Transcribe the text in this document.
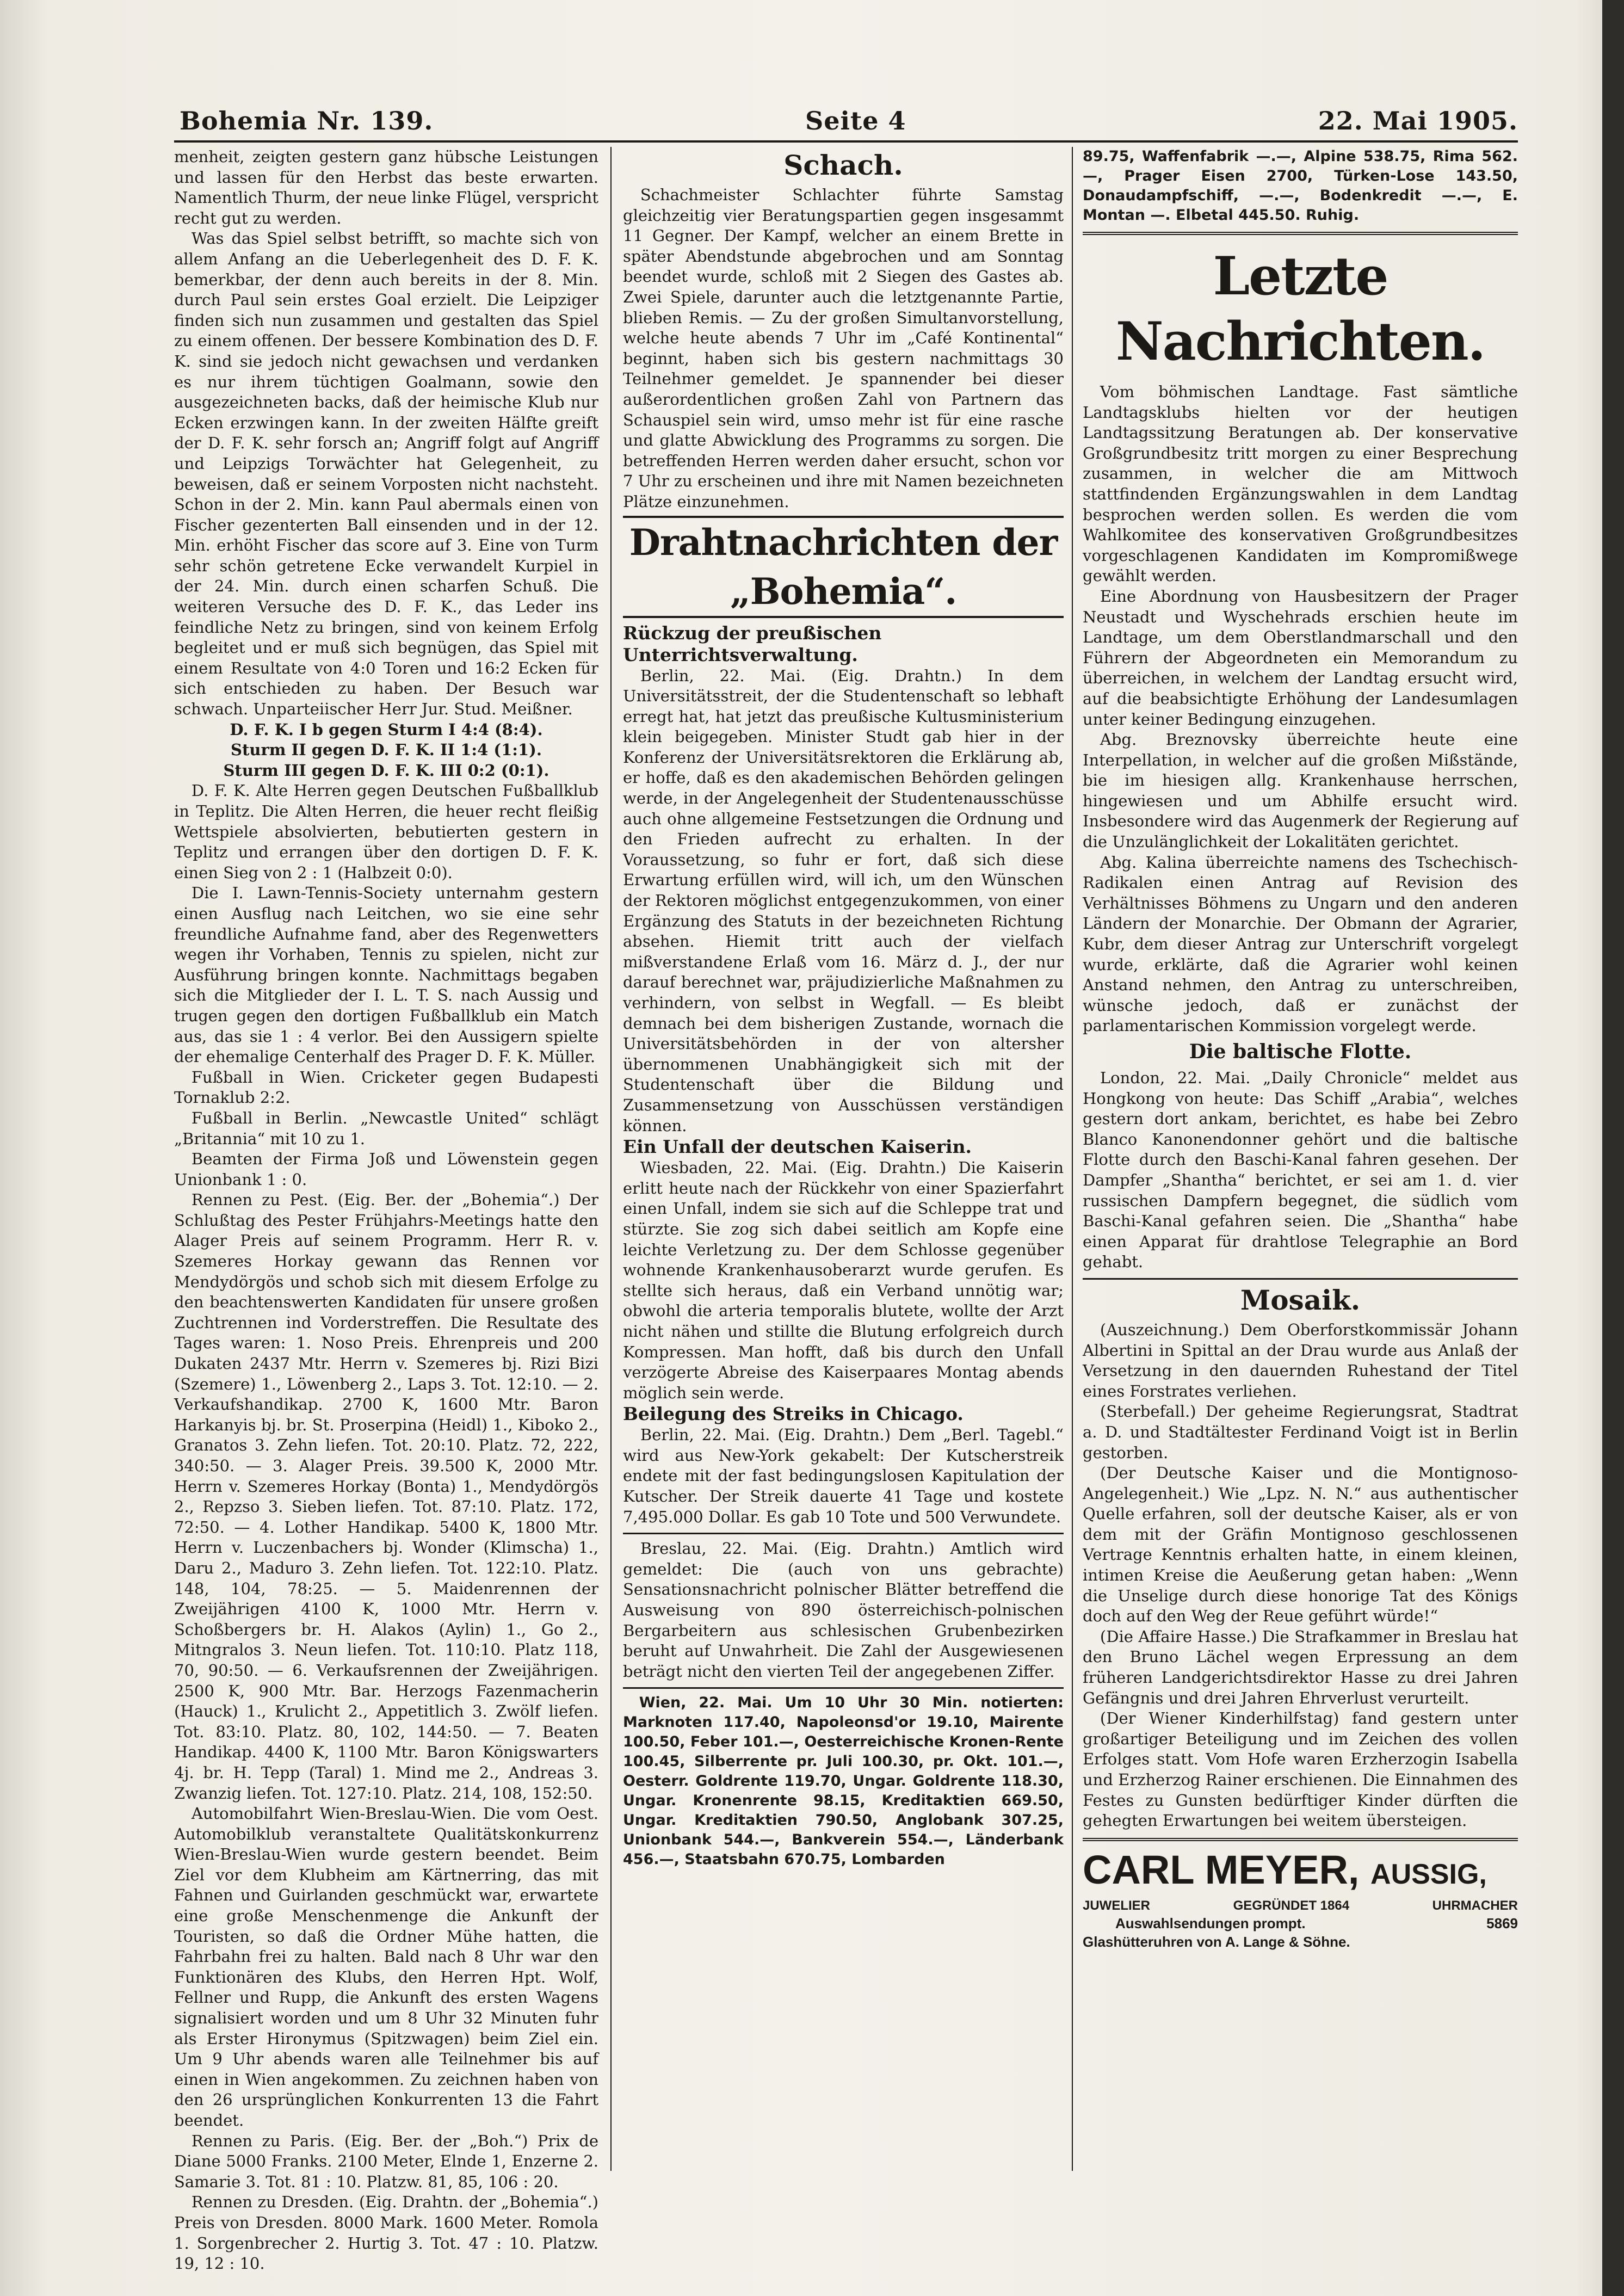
Bohemia Nr. 139.	Seite 4	22. Mai 1905.

menheit, zeigten gestern ganz hübsche Leistungen und lassen für den Herbst das beste erwarten. Namentlich Thurm, der neue linke Flügel, verspricht recht gut zu werden.

Was das Spiel selbst betrifft, so machte sich von allem Anfang an die Ueberlegenheit des D. F. K. bemerkbar, der denn auch bereits in der 8. Min. durch Paul sein erstes Goal erzielt. Die Leipziger finden sich nun zusammen und gestalten das Spiel zu einem offenen. Der bessere Kombination des D. F. K. sind sie jedoch nicht gewachsen und verdanken es nur ihrem tüchtigen Goalmann, sowie den ausgezeichneten backs, daß der heimische Klub nur Ecken erzwingen kann. In der zweiten Hälfte greift der D. F. K. sehr forsch an; Angriff folgt auf Angriff und Leipzigs Torwächter hat Gelegenheit, zu beweisen, daß er seinem Vorposten nicht nachsteht. Schon in der 2. Min. kann Paul abermals einen von Fischer gezenterten Ball einsenden und in der 12. Min. erhöht Fischer das score auf 3. Eine von Turm sehr schön getretene Ecke verwandelt Kurpiel in der 24. Min. durch einen scharfen Schuß. Die weiteren Versuche des D. F. K., das Leder ins feindliche Netz zu bringen, sind von keinem Erfolg begleitet und er muß sich begnügen, das Spiel mit einem Resultate von 4:0 Toren und 16:2 Ecken für sich entschieden zu haben. Der Besuch war schwach. Unparteiischer Herr Jur. Stud. Meißner.

D. F. K. I b gegen Sturm I 4:4 (8:4).

Sturm II gegen D. F. K. II 1:4 (1:1).

Sturm III gegen D. F. K. III 0:2 (0:1).

D. F. K. Alte Herren gegen Deutschen Fußballklub in Teplitz. Die Alten Herren, die heuer recht fleißig Wettspiele absolvierten, bebutierten gestern in Teplitz und errangen über den dortigen D. F. K. einen Sieg von 2 : 1 (Halbzeit 0:0).

Die I. Lawn-Tennis-Society unternahm gestern einen Ausflug nach Leitchen, wo sie eine sehr freundliche Aufnahme fand, aber des Regenwetters wegen ihr Vorhaben, Tennis zu spielen, nicht zur Ausführung bringen konnte. Nachmittags begaben sich die Mitglieder der I. L. T. S. nach Aussig und trugen gegen den dortigen Fußballklub ein Match aus, das sie 1 : 4 verlor. Bei den Aussigern spielte der ehemalige Centerhalf des Prager D. F. K. Müller.

Fußball in Wien. Cricketer gegen Budapesti Tornaklub 2:2.

Fußball in Berlin. „Newcastle United“ schlägt „Britannia“ mit 10 zu 1.

Beamten der Firma Joß und Löwenstein gegen Unionbank 1 : 0.

Rennen zu Pest. (Eig. Ber. der „Bohemia“.) Der Schlußtag des Pester Frühjahrs-Meetings hatte den Alager Preis auf seinem Programm. Herr R. v. Szemeres Horkay gewann das Rennen vor Mendydörgös und schob sich mit diesem Erfolge zu den beachtenswerten Kandidaten für unsere großen Zuchtrennen ind Vorderstreffen. Die Resultate des Tages waren: 1. Noso Preis. Ehrenpreis und 200 Dukaten 2437 Mtr. Herrn v. Szemeres bj. Rizi Bizi (Szemere) 1., Löwenberg 2., Laps 3. Tot. 12:10. — 2. Verkaufshandikap. 2700 K, 1600 Mtr. Baron Harkanyis bj. br. St. Proserpina (Heidl) 1., Kiboko 2., Granatos 3. Zehn liefen. Tot. 20:10. Platz. 72, 222, 340:50. — 3. Alager Preis. 39.500 K, 2000 Mtr. Herrn v. Szemeres Horkay (Bonta) 1., Mendydörgös 2., Repzso 3. Sieben liefen. Tot. 87:10. Platz. 172, 72:50. — 4. Lother Handikap. 5400 K, 1800 Mtr. Herrn v. Luczenbachers bj. Wonder (Klimscha) 1., Daru 2., Maduro 3. Zehn liefen. Tot. 122:10. Platz. 148, 104, 78:25. — 5. Maidenrennen der Zweijährigen 4100 K, 1000 Mtr. Herrn v. Schoßbergers br. H. Alakos (Aylin) 1., Go 2., Mitngralos 3. Neun liefen. Tot. 110:10. Platz 118, 70, 90:50. — 6. Verkaufsrennen der Zweijährigen. 2500 K, 900 Mtr. Bar. Herzogs Fazenmacherin (Hauck) 1., Krulicht 2., Appetitlich 3. Zwölf liefen. Tot. 83:10. Platz. 80, 102, 144:50. — 7. Beaten Handikap. 4400 K, 1100 Mtr. Baron Königswarters 4j. br. H. Tepp (Taral) 1. Mind me 2., Andreas 3. Zwanzig liefen. Tot. 127:10. Platz. 214, 108, 152:50.

Automobilfahrt Wien-Breslau-Wien. Die vom Oest. Automobilklub veranstaltete Qualitätskonkurrenz Wien-Breslau-Wien wurde gestern beendet. Beim Ziel vor dem Klubheim am Kärtnerring, das mit Fahnen und Guirlanden geschmückt war, erwartete eine große Menschenmenge die Ankunft der Touristen, so daß die Ordner Mühe hatten, die Fahrbahn frei zu halten. Bald nach 8 Uhr war den Funktionären des Klubs, den Herren Hpt. Wolf, Fellner und Rupp, die Ankunft des ersten Wagens signalisiert worden und um 8 Uhr 32 Minuten fuhr als Erster Hironymus (Spitzwagen) beim Ziel ein. Um 9 Uhr abends waren alle Teilnehmer bis auf einen in Wien angekommen. Zu zeichnen haben von den 26 ursprünglichen Konkurrenten 13 die Fahrt beendet.

Rennen zu Paris. (Eig. Ber. der „Boh.“) Prix de Diane 5000 Franks. 2100 Meter, Elnde 1, Enzerne 2. Samarie 3. Tot. 81 : 10. Platzw. 81, 85, 106 : 20.

Rennen zu Dresden. (Eig. Drahtn. der „Bohemia“.) Preis von Dresden. 8000 Mark. 1600 Meter. Romola 1. Sorgenbrecher 2. Hurtig 3. Tot. 47 : 10. Platzw. 19, 12 : 10.

Schach.

Schachmeister Schlachter führte Samstag gleichzeitig vier Beratungspartien gegen insgesammt 11 Gegner. Der Kampf, welcher an einem Brette in später Abendstunde abgebrochen und am Sonntag beendet wurde, schloß mit 2 Siegen des Gastes ab. Zwei Spiele, darunter auch die letztgenannte Partie, blieben Remis. — Zu der großen Simultanvorstellung, welche heute abends 7 Uhr im „Café Kontinental“ beginnt, haben sich bis gestern nachmittags 30 Teilnehmer gemeldet. Je spannender bei dieser außerordentlichen großen Zahl von Partnern das Schauspiel sein wird, umso mehr ist für eine rasche und glatte Abwicklung des Programms zu sorgen. Die betreffenden Herren werden daher ersucht, schon vor 7 Uhr zu erscheinen und ihre mit Namen bezeichneten Plätze einzunehmen.

Drahtnachrichten der „Bohemia“.

Rückzug der preußischen Unterrichtsverwaltung.

Berlin, 22. Mai. (Eig. Drahtn.) In dem Universitätsstreit, der die Studentenschaft so lebhaft erregt hat, hat jetzt das preußische Kultusministerium klein beigegeben. Minister Studt gab hier in der Konferenz der Universitätsrektoren die Erklärung ab, er hoffe, daß es den akademischen Behörden gelingen werde, in der Angelegenheit der Studentenausschüsse auch ohne allgemeine Festsetzungen die Ordnung und den Frieden aufrecht zu erhalten. In der Voraussetzung, so fuhr er fort, daß sich diese Erwartung erfüllen wird, will ich, um den Wünschen der Rektoren möglichst entgegenzukommen, von einer Ergänzung des Statuts in der bezeichneten Richtung absehen. Hiemit tritt auch der vielfach mißverstandene Erlaß vom 16. März d. J., der nur darauf berechnet war, präjudizierliche Maßnahmen zu verhindern, von selbst in Wegfall. — Es bleibt demnach bei dem bisherigen Zustande, wornach die Universitätsbehörden in der von altersher übernommenen Unabhängigkeit sich mit der Studentenschaft über die Bildung und Zusammensetzung von Ausschüssen verständigen können.

Ein Unfall der deutschen Kaiserin.

Wiesbaden, 22. Mai. (Eig. Drahtn.) Die Kaiserin erlitt heute nach der Rückkehr von einer Spazierfahrt einen Unfall, indem sie sich auf die Schleppe trat und stürzte. Sie zog sich dabei seitlich am Kopfe eine leichte Verletzung zu. Der dem Schlosse gegenüber wohnende Krankenhausoberarzt wurde gerufen. Es stellte sich heraus, daß ein Verband unnötig war; obwohl die arteria temporalis blutete, wollte der Arzt nicht nähen und stillte die Blutung erfolgreich durch Kompressen. Man hofft, daß bis durch den Unfall verzögerte Abreise des Kaiserpaares Montag abends möglich sein werde.

Beilegung des Streiks in Chicago.

Berlin, 22. Mai. (Eig. Drahtn.) Dem „Berl. Tagebl.“ wird aus New-York gekabelt: Der Kutscherstreik endete mit der fast bedingungslosen Kapitulation der Kutscher. Der Streik dauerte 41 Tage und kostete 7,495.000 Dollar. Es gab 10 Tote und 500 Verwundete.

Breslau, 22. Mai. (Eig. Drahtn.) Amtlich wird gemeldet: Die (auch von uns gebrachte) Sensationsnachricht polnischer Blätter betreffend die Ausweisung von 890 österreichisch-polnischen Bergarbeitern aus schlesischen Grubenbezirken beruht auf Unwahrheit. Die Zahl der Ausgewiesenen beträgt nicht den vierten Teil der angegebenen Ziffer.

Wien, 22. Mai. Um 10 Uhr 30 Min. notierten: Marknoten 117.40, Napoleonsd'or 19.10, Mairente 100.50, Feber 101.—, Oesterreichische Kronen-Rente 100.45, Silberrente pr. Juli 100.30, pr. Okt. 101.—, Oesterr. Goldrente 119.70, Ungar. Goldrente 118.30, Ungar. Kronenrente 98.15, Kreditaktien 669.50, Ungar. Kreditaktien 790.50, Anglobank 307.25, Unionbank 544.—, Bankverein 554.—, Länderbank 456.—, Staatsbahn 670.75, Lombarden

89.75, Waffenfabrik —.—, Alpine 538.75, Rima 562.—, Prager Eisen 2700, Türken-Lose 143.50, Donaudampfschiff, —.—, Bodenkredit —.—, E. Montan —. Elbetal 445.50. Ruhig.

Letzte Nachrichten.

Vom böhmischen Landtage. Fast sämtliche Landtagsklubs hielten vor der heutigen Landtagssitzung Beratungen ab. Der konservative Großgrundbesitz tritt morgen zu einer Besprechung zusammen, in welcher die am Mittwoch stattfindenden Ergänzungswahlen in dem Landtag besprochen werden sollen. Es werden die vom Wahlkomitee des konservativen Großgrundbesitzes vorgeschlagenen Kandidaten im Kompromißwege gewählt werden.

Eine Abordnung von Hausbesitzern der Prager Neustadt und Wyschehrads erschien heute im Landtage, um dem Oberstlandmarschall und den Führern der Abgeordneten ein Memorandum zu überreichen, in welchem der Landtag ersucht wird, auf die beabsichtigte Erhöhung der Landesumlagen unter keiner Bedingung einzugehen.

Abg. Breznovsky überreichte heute eine Interpellation, in welcher auf die großen Mißstände, bie im hiesigen allg. Krankenhause herrschen, hingewiesen und um Abhilfe ersucht wird. Insbesondere wird das Augenmerk der Regierung auf die Unzulänglichkeit der Lokalitäten gerichtet.

Abg. Kalina überreichte namens des Tschechisch-Radikalen einen Antrag auf Revision des Verhältnisses Böhmens zu Ungarn und den anderen Ländern der Monarchie. Der Obmann der Agrarier, Kubr, dem dieser Antrag zur Unterschrift vorgelegt wurde, erklärte, daß die Agrarier wohl keinen Anstand nehmen, den Antrag zu unterschreiben, wünsche jedoch, daß er zunächst der parlamentarischen Kommission vorgelegt werde.

Die baltische Flotte.

London, 22. Mai. „Daily Chronicle“ meldet aus Hongkong von heute: Das Schiff „Arabia“, welches gestern dort ankam, berichtet, es habe bei Zebro Blanco Kanonendonner gehört und die baltische Flotte durch den Baschi-Kanal fahren gesehen. Der Dampfer „Shantha“ berichtet, er sei am 1. d. vier russischen Dampfern begegnet, die südlich vom Baschi-Kanal gefahren seien. Die „Shantha“ habe einen Apparat für drahtlose Telegraphie an Bord gehabt.

Mosaik.

(Auszeichnung.) Dem Oberforstkommissär Johann Albertini in Spittal an der Drau wurde aus Anlaß der Versetzung in den dauernden Ruhestand der Titel eines Forstrates verliehen.

(Sterbefall.) Der geheime Regierungsrat, Stadtrat a. D. und Stadtältester Ferdinand Voigt ist in Berlin gestorben.

(Der Deutsche Kaiser und die Montignoso-Angelegenheit.) Wie „Lpz. N. N.“ aus authentischer Quelle erfahren, soll der deutsche Kaiser, als er von dem mit der Gräfin Montignoso geschlossenen Vertrage Kenntnis erhalten hatte, in einem kleinen, intimen Kreise die Aeußerung getan haben: „Wenn die Unselige durch diese honorige Tat des Königs doch auf den Weg der Reue geführt würde!“

(Die Affaire Hasse.) Die Strafkammer in Breslau hat den Bruno Lächel wegen Erpressung an dem früheren Landgerichtsdirektor Hasse zu drei Jahren Gefängnis und drei Jahren Ehrverlust verurteilt.

(Der Wiener Kinderhilfstag) fand gestern unter großartiger Beteiligung und im Zeichen des vollen Erfolges statt. Vom Hofe waren Erzherzogin Isabella und Erzherzog Rainer erschienen. Die Einnahmen des Festes zu Gunsten bedürftiger Kinder dürften die gehegten Erwartungen bei weitem übersteigen.

CARL MEYER, AUSSIG,
JUWELIER	GEGRÜNDET 1864	UHRMACHER
Auswahlsendungen prompt.	5869
Glashütteruhren von A. Lange & Söhne.
